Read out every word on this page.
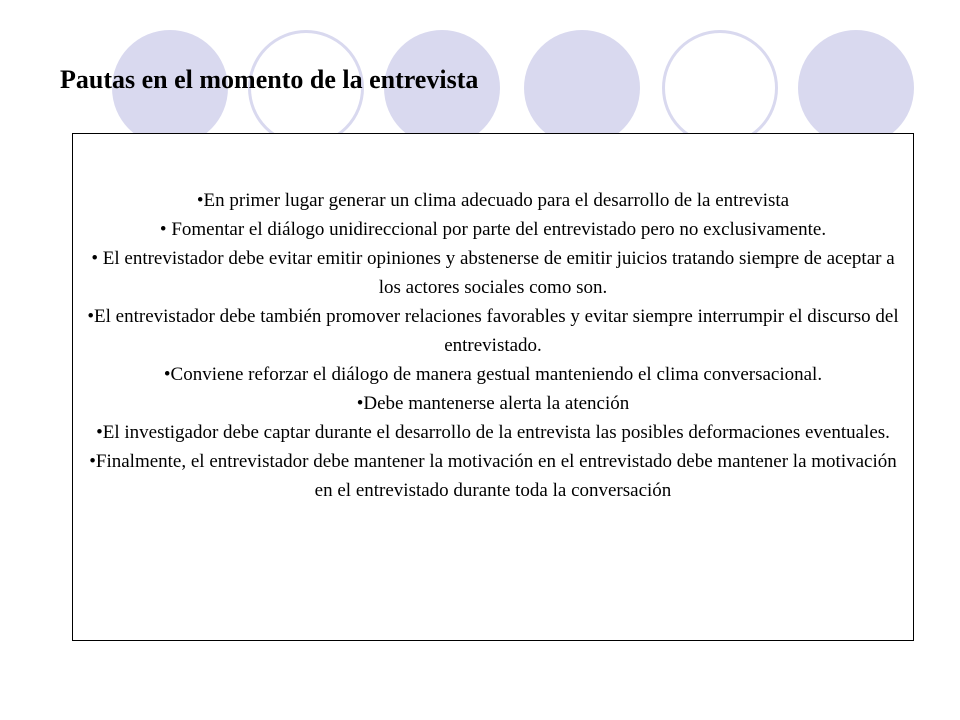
Pautas en el momento de la entrevista
•En primer lugar generar un clima adecuado para el desarrollo de la entrevista
• Fomentar el diálogo unidireccional por parte del entrevistado pero no exclusivamente.
• El entrevistador debe evitar emitir opiniones y abstenerse de emitir juicios tratando siempre de aceptar a los actores sociales como son.
•El entrevistador debe también promover relaciones favorables y evitar siempre interrumpir el discurso del entrevistado.
•Conviene reforzar el diálogo de manera gestual manteniendo el clima conversacional.
•Debe mantenerse alerta la atención
•El investigador debe captar durante el desarrollo de la entrevista las posibles deformaciones eventuales.
•Finalmente, el entrevistador debe mantener la motivación en el entrevistado debe mantener la motivación en el entrevistado durante toda la conversación
